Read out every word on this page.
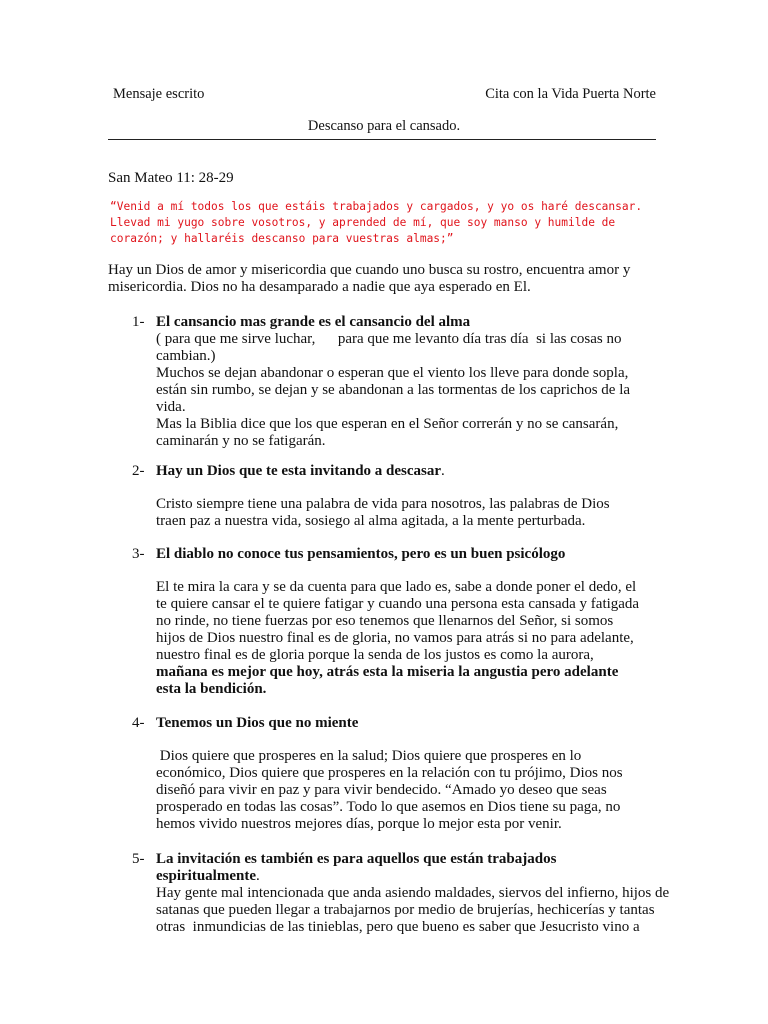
Mensaje escrito	Cita con la Vida Puerta Norte
Descanso para el cansado.
San Mateo 11: 28-29
“Venid a mí todos los que estáis trabajados y cargados, y yo os haré descansar.
Llevad mi yugo sobre vosotros, y aprended de mí, que soy manso y humilde de
corazón; y hallaréis descanso para vuestras almas;”
Hay un Dios de amor y misericordia que cuando uno busca su rostro, encuentra amor y
misericordia. Dios no ha desamparado a nadie que aya esperado en El.
1- El cansancio mas grande es el cansancio del alma
( para que me sirve luchar,      para que me levanto día tras día  si las cosas no
cambian.)
Muchos se dejan abandonar o esperan que el viento los lleve para donde sopla,
están sin rumbo, se dejan y se abandonan a las tormentas de los caprichos de la
vida.
Mas la Biblia dice que los que esperan en el Señor correrán y no se cansarán,
caminarán y no se fatigarán.
2- Hay un Dios que te esta invitando a descasar.
Cristo siempre tiene una palabra de vida para nosotros, las palabras de Dios
traen paz a nuestra vida, sosiego al alma agitada, a la mente perturbada.
3- El diablo no conoce tus pensamientos, pero es un buen psicólogo
El te mira la cara y se da cuenta para que lado es, sabe a donde poner el dedo, el
te quiere cansar el te quiere fatigar y cuando una persona esta cansada y fatigada
no rinde, no tiene fuerzas por eso tenemos que llenarnos del Señor, si somos
hijos de Dios nuestro final es de gloria, no vamos para atrás si no para adelante,
nuestro final es de gloria porque la senda de los justos es como la aurora,
mañana es mejor que hoy, atrás esta la miseria la angustia pero adelante
esta la bendición.
4- Tenemos un Dios que no miente
Dios quiere que prosperes en la salud; Dios quiere que prosperes en lo
económico, Dios quiere que prosperes en la relación con tu prójimo, Dios nos
diseñó para vivir en paz y para vivir bendecido. “Amado yo deseo que seas
prosperado en todas las cosas”. Todo lo que asemos en Dios tiene su paga, no
hemos vivido nuestros mejores días, porque lo mejor esta por venir.
5- La invitación es también es para aquellos que están trabajados
espiritualmente.
Hay gente mal intencionada que anda asiendo maldades, siervos del infierno, hijos de
satanas que pueden llegar a trabajarnos por medio de brujerías, hechicerías y tantas
otras  inmundicias de las tinieblas, pero que bueno es saber que Jesucristo vino a
